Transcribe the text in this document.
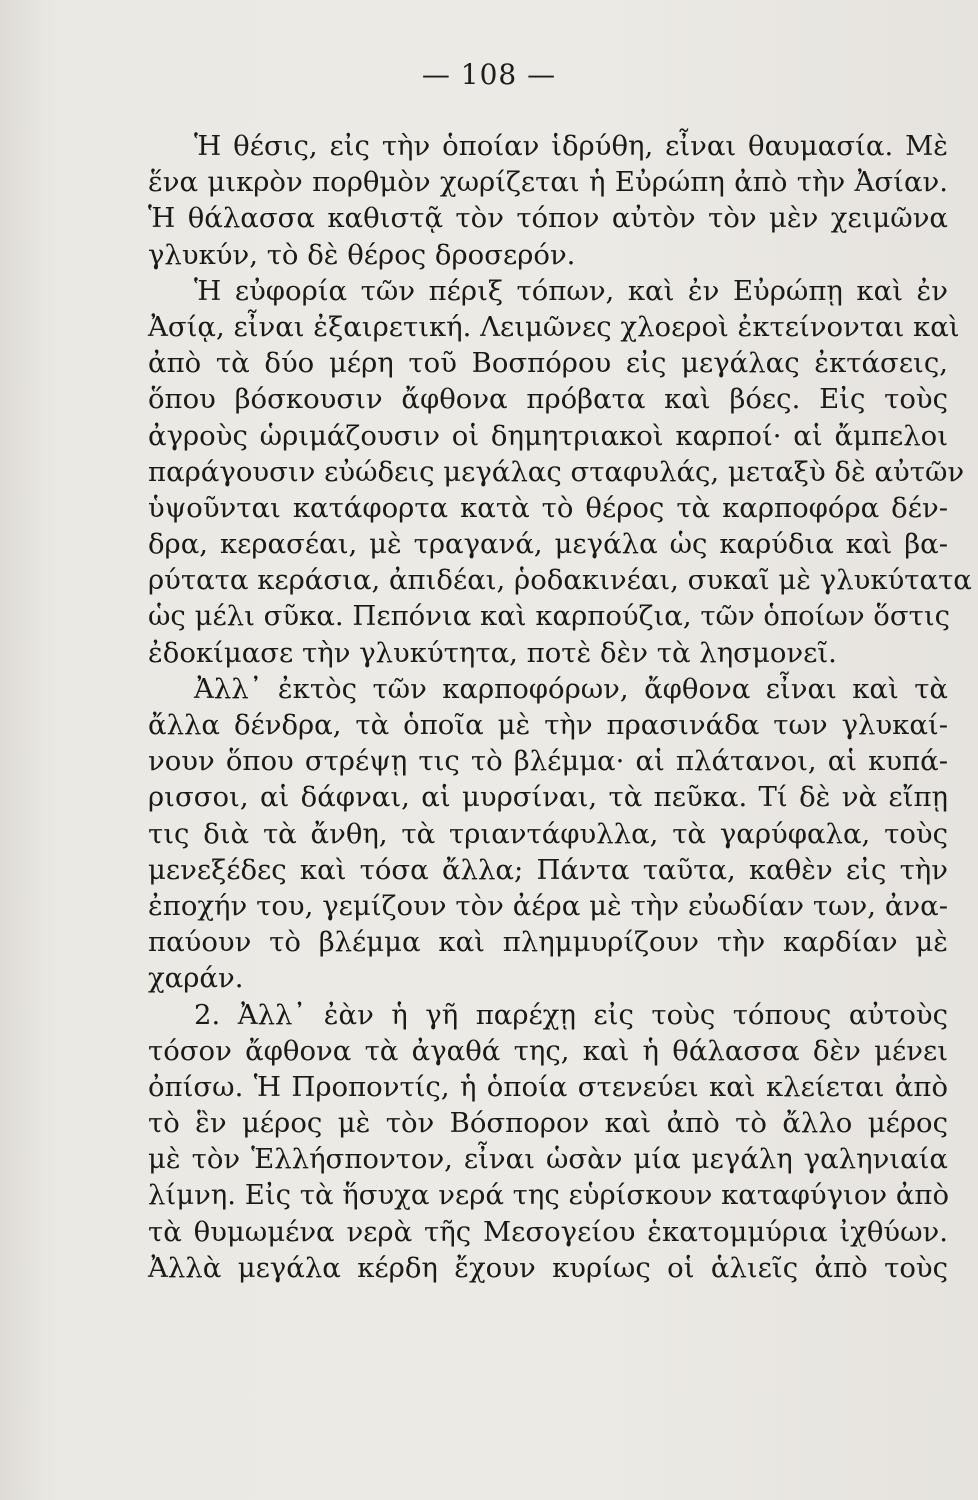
— 108 —
Ἡ θέσις, εἰς τὴν ὁποίαν ἱδρύθη, εἶναι θαυμασία. Μὲ
ἕνα μικρὸν πορθμὸν χωρίζεται ἡ Εὐρώπη ἀπὸ τὴν Ἀσίαν.
Ἡ θάλασσα καθιστᾷ τὸν τόπον αὐτὸν τὸν μὲν χειμῶνα
γλυκύν, τὸ δὲ θέρος δροσερόν.
Ἡ εὐφορία τῶν πέριξ τόπων, καὶ ἐν Εὐρώπῃ καὶ ἐν
Ἀσίᾳ, εἶναι ἐξαιρετική. Λειμῶνες χλοεροὶ ἐκτείνονται καὶ
ἀπὸ τὰ δύο μέρη τοῦ Βοσπόρου εἰς μεγάλας ἐκτάσεις,
ὅπου βόσκουσιν ἄφθονα πρόβατα καὶ βόες. Εἰς τοὺς
ἀγροὺς ὡριμάζουσιν οἱ δημητριακοὶ καρποί· αἱ ἄμπελοι
παράγουσιν εὐώδεις μεγάλας σταφυλάς, μεταξὺ δὲ αὐτῶν
ὑψοῦνται κατάφορτα κατὰ τὸ θέρος τὰ καρποφόρα δέν-
δρα, κερασέαι, μὲ τραγανά, μεγάλα ὡς καρύδια καὶ βα-
ρύτατα κεράσια, ἀπιδέαι, ῥοδακινέαι, συκαῖ μὲ γλυκύτατα
ὡς μέλι σῦκα. Πεπόνια καὶ καρπούζια, τῶν ὁποίων ὅστις
ἐδοκίμασε τὴν γλυκύτητα, ποτὲ δὲν τὰ λησμονεῖ.
Ἀλλ᾽ ἐκτὸς τῶν καρποφόρων, ἄφθονα εἶναι καὶ τὰ
ἄλλα δένδρα, τὰ ὁποῖα μὲ τὴν πρασινάδα των γλυκαί-
νουν ὅπου στρέψῃ τις τὸ βλέμμα· αἱ πλάτανοι, αἱ κυπά-
ρισσοι, αἱ δάφναι, αἱ μυρσίναι, τὰ πεῦκα. Τί δὲ νὰ εἴπῃ
τις διὰ τὰ ἄνθη, τὰ τριαντάφυλλα, τὰ γαρύφαλα, τοὺς
μενεξέδες καὶ τόσα ἄλλα; Πάντα ταῦτα, καθὲν εἰς τὴν
ἐποχήν του, γεμίζουν τὸν ἀέρα μὲ τὴν εὐωδίαν των, ἀνα-
παύουν τὸ βλέμμα καὶ πλημμυρίζουν τὴν καρδίαν μὲ
χαράν.
2. Ἀλλ᾽ ἐὰν ἡ γῆ παρέχῃ εἰς τοὺς τόπους αὐτοὺς
τόσον ἄφθονα τὰ ἀγαθά της, καὶ ἡ θάλασσα δὲν μένει
ὀπίσω. Ἡ Προποντίς, ἡ ὁποία στενεύει καὶ κλείεται ἀπὸ
τὸ ἓν μέρος μὲ τὸν Βόσπορον καὶ ἀπὸ τὸ ἄλλο μέρος
μὲ τὸν Ἑλλήσποντον, εἶναι ὡσὰν μία μεγάλη γαληνιαία
λίμνη. Εἰς τὰ ἥσυχα νερά της εὑρίσκουν καταφύγιον ἀπὸ
τὰ θυμωμένα νερὰ τῆς Μεσογείου ἑκατομμύρια ἰχθύων.
Ἀλλὰ μεγάλα κέρδη ἔχουν κυρίως οἱ ἁλιεῖς ἀπὸ τοὺς
